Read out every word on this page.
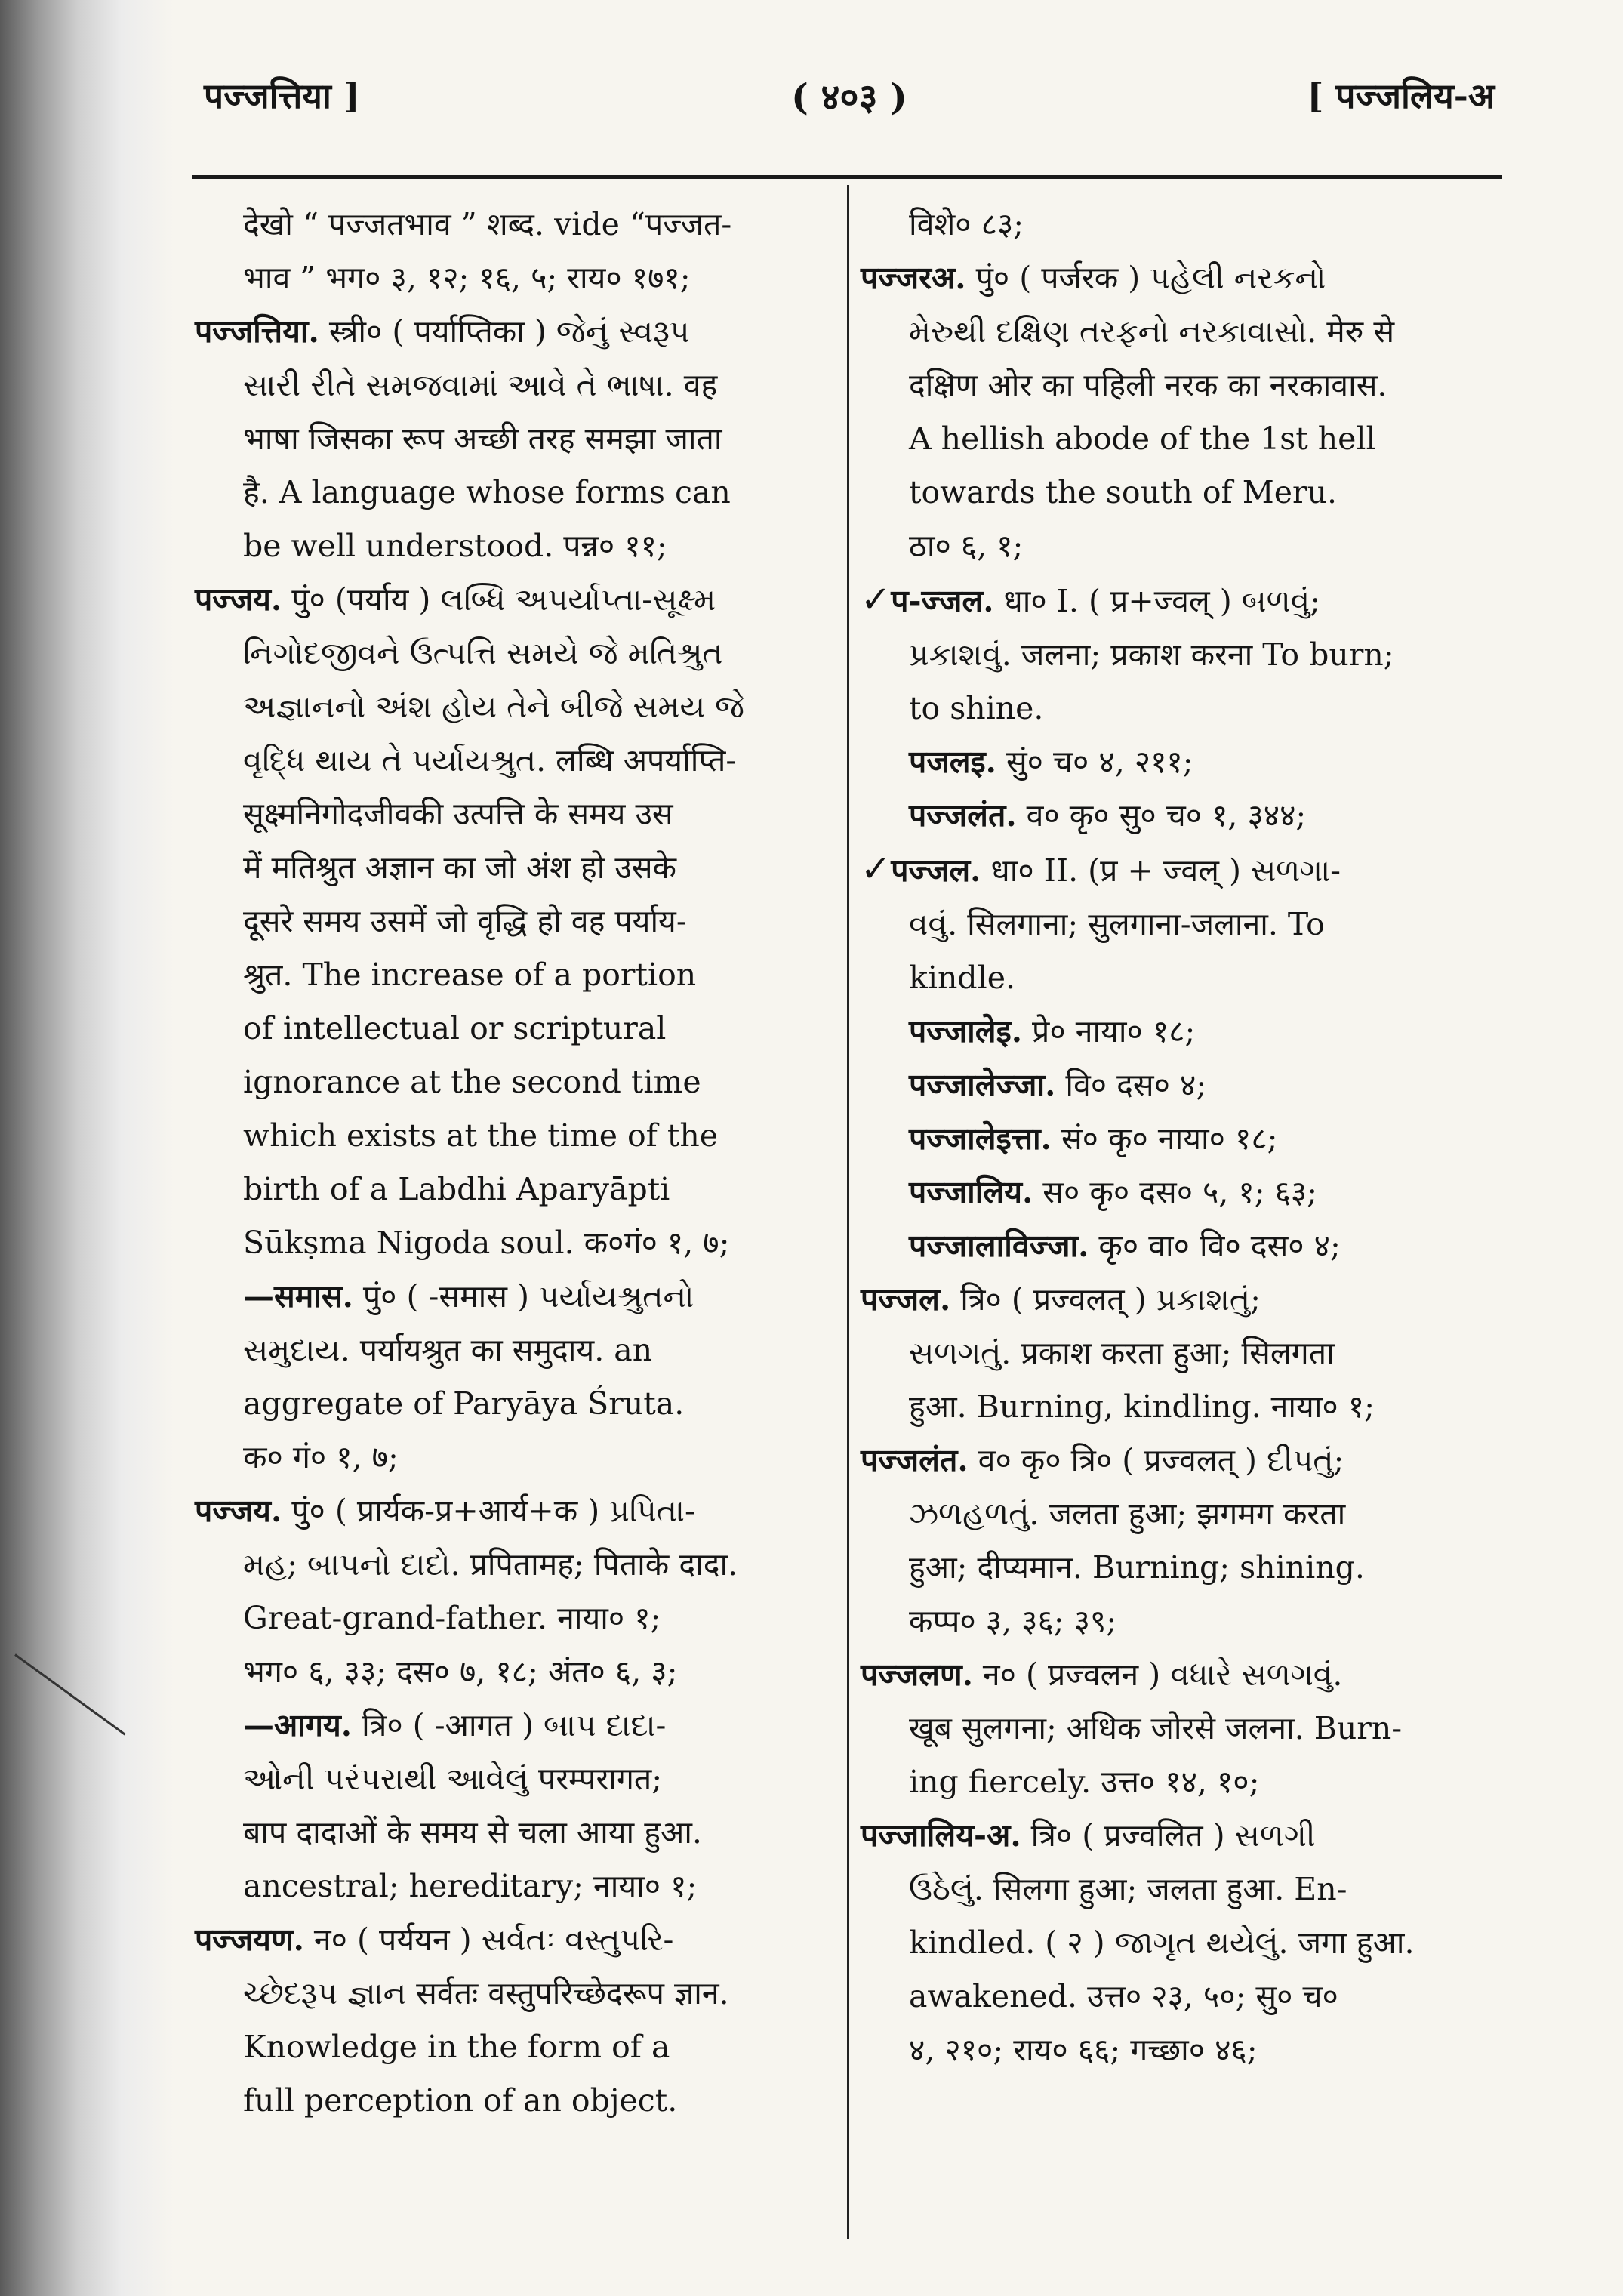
पज्जत्तिया ]	( ४०३ )	[ पज्जलिय-अ
देखो “ पज्जतभाव ” शब्द. vide “पज्जत-
भाव ” भग० ३, १२; १६, ५; राय० १७१;
पज्जत्तिया. स्त्री० ( पर्याप्तिका ) જેનું સ્વરૂપ
સારી રીતે સમજવામાં આવે તે ભાષા. वह
भाषा जिसका रूप अच्छी तरह समझा जाता
है. A language whose forms can
be well understood. पन्न० ११;
पज्जय. पुं० (पर्याय ) લબ્ધિ અપર્યાપ્તા-સૂક્ષ્મ
નિગોદજીવને ઉત્પત્તિ સમયે જે મતિશ્રુત
અજ્ઞાનનો અંશ હોય તેને બીજે સમય જે
વૃદ્ધિ થાય તે પર્યાયશ્રુત. लब्धि अपर्याप्ति-
सूक्ष्मनिगोदजीवकी उत्पत्ति के समय उस
में मतिश्रुत अज्ञान का जो अंश हो उसके
दूसरे समय उसमें जो वृद्धि हो वह पर्याय-
श्रुत. The increase of a portion
of intellectual or scriptural
ignorance at the second time
which exists at the time of the
birth of a Labdhi Aparyāpti
Sūkṣma Nigoda soul. क०गं० १, ७;
—समास. पुं० ( -समास ) પર્યાયશ્રુતનો
સમુદાય. पर्यायश्रुत का समुदाय. an
aggregate of Paryāya Śruta.
क० गं० १, ७;
पज्जय. पुं० ( प्रार्यक-प्र+आर्य+क ) પ્રપિતા-
મહ; બાપનો દાદો. प्रपितामह; पिताके दादा.
Great-grand-father. नाया० १;
भग० ६, ३३; दस० ७, १८; अंत० ६, ३;
—आगय. त्रि० ( -आगत ) બાપ દાદા-
ઓની પરંપરાથી આવેલું परम्परागत;
बाप दादाओं के समय से चला आया हुआ.
ancestral; hereditary; नाया० १;
पज्जयण. न० ( पर्ययन ) સર્વતઃ વસ્તુપરિ-
ચ્છેદરૂપ જ્ઞાન सर्वतः वस्तुपरिच्छेदरूप ज्ञान.
Knowledge in the form of a
full perception of an object.
विशे० ८३;
पज्जरअ. पुं० ( पर्जरक ) પહેલી નરકનો
મેરુથી દક્ષિણ તરફનો નરકાવાસો. मेरु से
दक्षिण ओर का पहिली नरक का नरकावास.
A hellish abode of the 1st hell
towards the south of Meru.
ठा० ६, १;
✓प-ज्जल. धा० I. ( प्र+ज्वल् ) બળવું;
પ્રકાશવું. जलना; प्रकाश करना To burn;
to shine.
पजलइ. सुं० च० ४, २११;
पज्जलंत. व० कृ० सु० च० १, ३४४;
✓पज्जल. धा० II. (प्र + ज्वल् ) સળગા-
વવું. सिलगाना; सुलगाना-जलाना. To
kindle.
पज्जालेइ. प्रे० नाया० १८;
पज्जालेज्जा. वि० दस० ४;
पज्जालेइत्ता. सं० कृ० नाया० १८;
पज्जालिय. स० कृ० दस० ५, १; ६३;
पज्जालाविज्जा. कृ० वा० वि० दस० ४;
पज्जल. त्रि० ( प्रज्वलत् ) પ્રકાશતું;
સળગતું. प्रकाश करता हुआ; सिलगता
हुआ. Burning, kindling. नाया० १;
पज्जलंत. व० कृ० त्रि० ( प्रज्वलत् ) દીપતું;
ઝળહળતું. जलता हुआ; झगमग करता
हुआ; दीप्यमान. Burning; shining.
कप्प० ३, ३६; ३९;
पज्जलण. न० ( प्रज्वलन ) વધારે સળગવું.
खूब सुलगना; अधिक जोरसे जलना. Burn-
ing fiercely. उत्त० १४, १०;
पज्जालिय-अ. त्रि० ( प्रज्वलित ) સળગી
ઉઠેલું. सिलगा हुआ; जलता हुआ. En-
kindled. ( २ ) જાગૃત થયેલું. जगा हुआ.
awakened. उत्त० २३, ५०; सु० च०
४, २१०; राय० ६६; गच्छा० ४६;
